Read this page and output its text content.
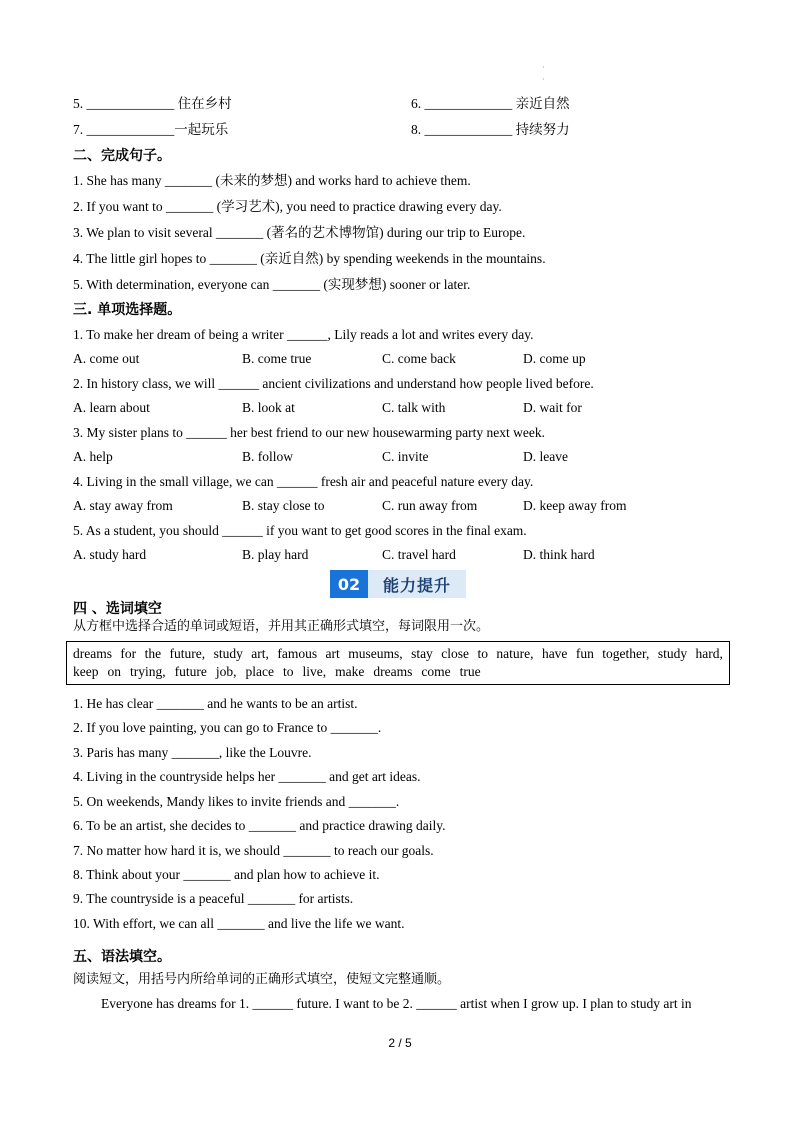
·
·
5. _____________ 住在乡村	6. _____________ 亲近自然
7. _____________一起玩乐	8. _____________ 持续努力
二、完成句子。
1. She has many _______ (未来的梦想) and works hard to achieve them.
2. If you want to _______ (学习艺术), you need to practice drawing every day.
3. We plan to visit several _______ (著名的艺术博物馆) during our trip to Europe.
4. The little girl hopes to _______ (亲近自然) by spending weekends in the mountains.
5. With determination, everyone can _______ (实现梦想) sooner or later.
三. 单项选择题。
1. To make her dream of being a writer ______, Lily reads a lot and writes every day.
A. come out	B. come true	C. come back	D. come up
2. In history class, we will ______ ancient civilizations and understand how people lived before.
A. learn about	B. look at	C. talk with	D. wait for
3. My sister plans to ______ her best friend to our new housewarming party next week.
A. help	B. follow	C. invite	D. leave
4. Living in the small village, we can ______ fresh air and peaceful nature every day.
A. stay away from	B. stay close to	C. run away from	D. keep away from
5. As a student, you should ______ if you want to get good scores in the final exam.
A. study hard	B. play hard	C. travel hard	D. think hard
02	能力提升
四 、选词填空
从方框中选择合适的单词或短语，并用其正确形式填空，每词限用一次。
dreams for the future, study art, famous art museums, stay close to nature, have fun together, study hard,
keep on trying, future job, place to live, make dreams come true
1. He has clear _______ and he wants to be an artist.
2. If you love painting, you can go to France to _______.
3. Paris has many _______, like the Louvre.
4. Living in the countryside helps her _______ and get art ideas.
5. On weekends, Mandy likes to invite friends and _______.
6. To be an artist, she decides to _______ and practice drawing daily.
7. No matter how hard it is, we should _______ to reach our goals.
8. Think about your _______ and plan how to achieve it.
9. The countryside is a peaceful _______ for artists.
10. With effort, we can all _______ and live the life we want.
五、语法填空。
阅读短文，用括号内所给单词的正确形式填空，使短文完整通顺。
Everyone has dreams for 1. ______ future. I want to be 2. ______ artist when I grow up. I plan to study art in
2 / 5
